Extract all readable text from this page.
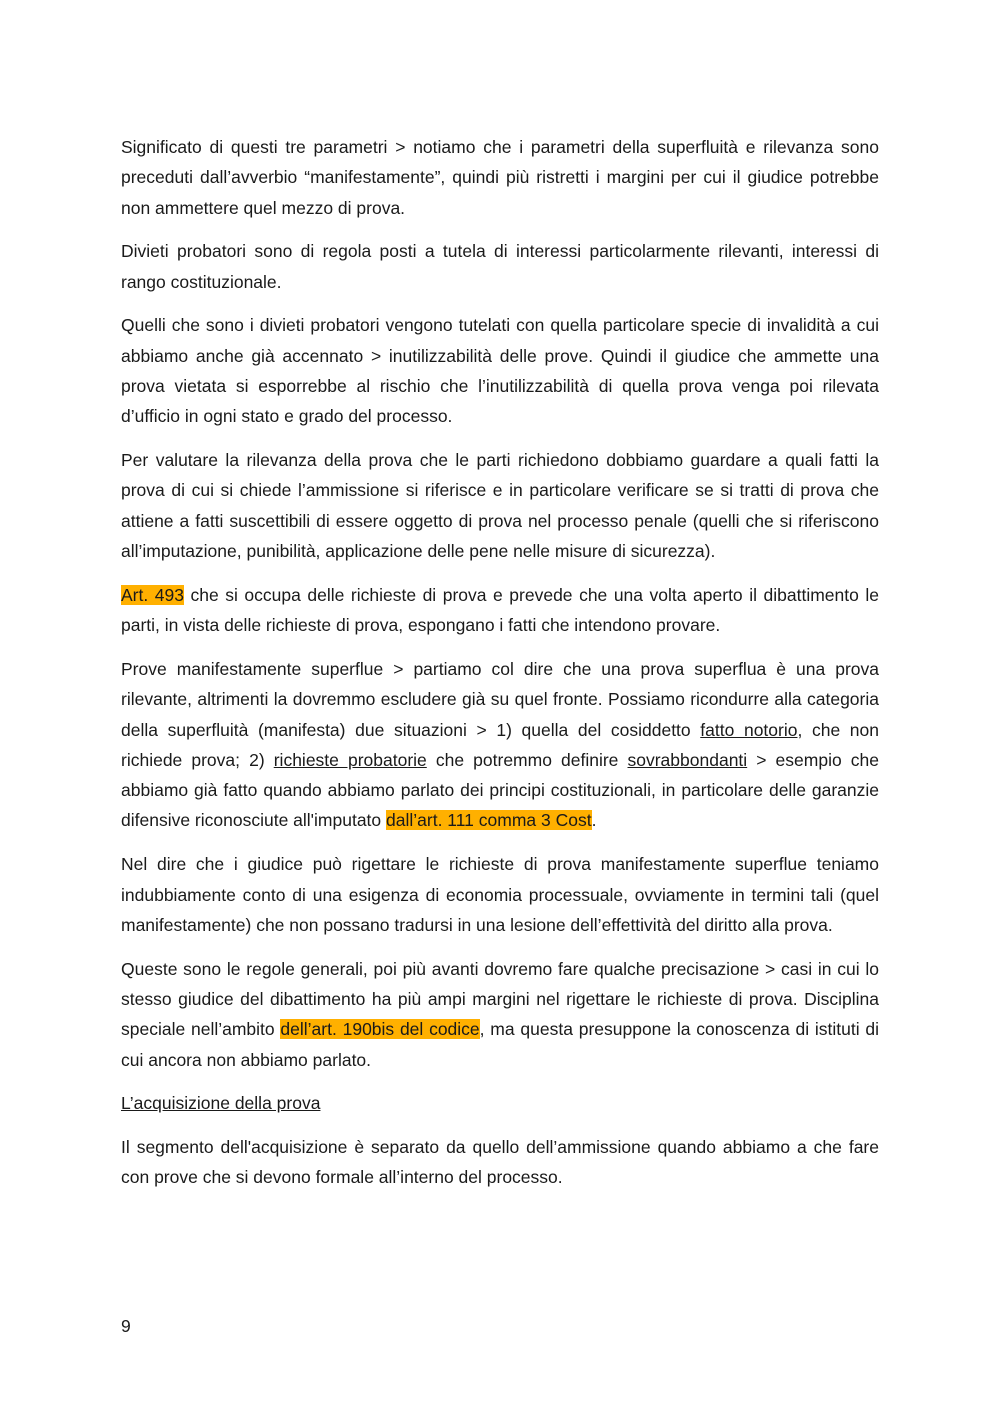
Significato di questi tre parametri > notiamo che i parametri della superfluità e rilevanza sono preceduti dall’avverbio “manifestamente”, quindi più ristretti i margini per cui il giudice potrebbe non ammettere quel mezzo di prova.

Divieti probatori sono di regola posti a tutela di interessi particolarmente rilevanti, interessi di rango costituzionale.

Quelli che sono i divieti probatori vengono tutelati con quella particolare specie di invalidità a cui abbiamo anche già accennato > inutilizzabilità delle prove. Quindi il giudice che ammette una prova vietata si esporrebbe al rischio che l’inutilizzabilità di quella prova venga poi rilevata d’ufficio in ogni stato e grado del processo.

Per valutare la rilevanza della prova che le parti richiedono dobbiamo guardare a quali fatti la prova di cui si chiede l’ammissione si riferisce e in particolare verificare se si tratti di prova che attiene a fatti suscettibili di essere oggetto di prova nel processo penale (quelli che si riferiscono all’imputazione, punibilità, applicazione delle pene nelle misure di sicurezza).

Art. 493 che si occupa delle richieste di prova e prevede che una volta aperto il dibattimento le parti, in vista delle richieste di prova, espongano i fatti che intendono provare.

Prove manifestamente superflue > partiamo col dire che una prova superflua è una prova rilevante, altrimenti la dovremmo escludere già su quel fronte. Possiamo ricondurre alla categoria della superfluità (manifesta) due situazioni > 1) quella del cosiddetto fatto notorio, che non richiede prova; 2) richieste probatorie che potremmo definire sovrabbondanti > esempio che abbiamo già fatto quando abbiamo parlato dei principi costituzionali, in particolare delle garanzie difensive riconosciute all'imputato dall’art. 111 comma 3 Cost.

Nel dire che i giudice può rigettare le richieste di prova manifestamente superflue teniamo indubbiamente conto di una esigenza di economia processuale, ovviamente in termini tali (quel manifestamente) che non possano tradursi in una lesione dell’effettività del diritto alla prova.

Queste sono le regole generali, poi più avanti dovremo fare qualche precisazione > casi in cui lo stesso giudice del dibattimento ha più ampi margini nel rigettare le richieste di prova. Disciplina speciale nell’ambito dell’art. 190bis del codice, ma questa presuppone la conoscenza di istituti di cui ancora non abbiamo parlato.

L’acquisizione della prova

Il segmento dell'acquisizione è separato da quello dell’ammissione quando abbiamo a che fare con prove che si devono formale all’interno del processo.

9
